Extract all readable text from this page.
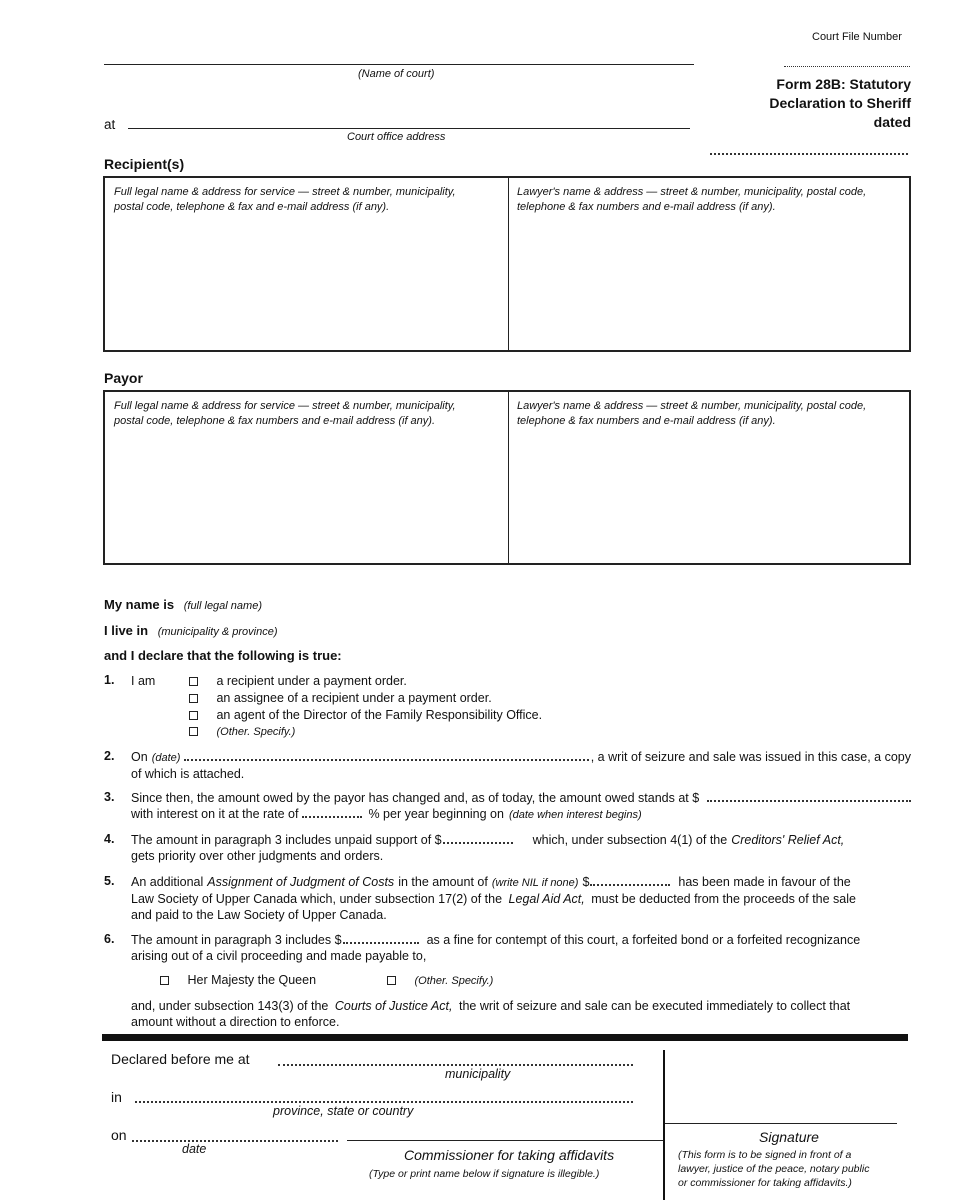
Court File Number
(Name of court)
at
Court office address
Form 28B: Statutory
Declaration to Sheriff
dated
Recipient(s)
Full legal name & address for service — street & number, municipality,
postal code, telephone & fax and e-mail address (if any).
Lawyer's name & address — street & number, municipality, postal code,
telephone & fax numbers and e-mail address (if any).
Payor
Full legal name & address for service — street & number, municipality,
postal code, telephone & fax numbers and e-mail address (if any).
Lawyer's name & address — street & number, municipality, postal code,
telephone & fax numbers and e-mail address (if any).
My name is (full legal name)
I live in (municipality & province)
and I declare that the following is true:
1. I am	a recipient under a payment order.
an assignee of a recipient under a payment order.
an agent of the Director of the Family Responsibility Office.
(Other. Specify.)
2. On (date)	, a writ of seizure and sale was issued in this case, a copy
of which is attached.
3. Since then, the amount owed by the payor has changed and, as of today, the amount owed stands at $
with interest on it at the rate of	% per year beginning on (date when interest begins)
4. The amount in paragraph 3 includes unpaid support of $	which, under subsection 4(1) of the Creditors' Relief Act,
gets priority over other judgments and orders.
5. An additional Assignment of Judgment of Costs in the amount of (write NIL if none) $	has been made in favour of the
Law Society of Upper Canada which, under subsection 17(2) of the Legal Aid Act, must be deducted from the proceeds of the sale
and paid to the Law Society of Upper Canada.
6. The amount in paragraph 3 includes $	as a fine for contempt of this court, a forfeited bond or a forfeited recognizance
arising out of a civil proceeding and made payable to,
Her Majesty the Queen	(Other. Specify.)
and, under subsection 143(3) of the Courts of Justice Act, the writ of seizure and sale can be executed immediately to collect that
amount without a direction to enforce.
Declared before me at
municipality
in
province, state or country
on
date	Commissioner for taking affidavits
(Type or print name below if signature is illegible.)
Signature
(This form is to be signed in front of a
lawyer, justice of the peace, notary public
or commissioner for taking affidavits.)
